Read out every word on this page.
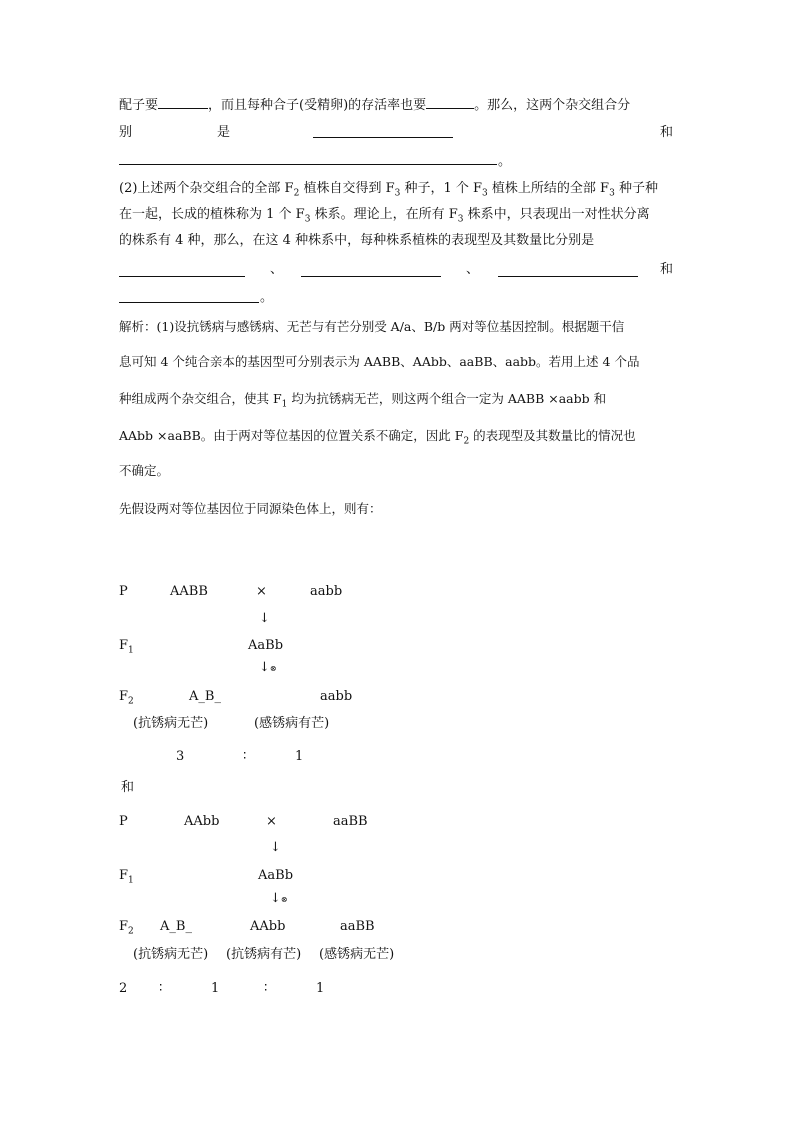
配子要	，而且每种合子(受精卵)的存活率也要	。那么，这两个杂交组合分
别	是	和
。
(2)上述两个杂交组合的全部 $F_2$ 植株自交得到 $F_3$ 种子，1 个 $F_3$ 植株上所结的全部 $F_3$ 种子种
在一起，长成的植株称为 1 个 $F_3$ 株系。理论上，在所有 $F_3$ 株系中，只表现出一对性状分离
的株系有 4 种，那么，在这 4 种株系中，每种株系植株的表现型及其数量比分别是
、	、	和
。
解析：(1)设抗锈病与感锈病、无芒与有芒分别受 A/a、B/b 两对等位基因控制。根据题干信
息可知 4 个纯合亲本的基因型可分别表示为 AABB、AAbb、aaBB、aabb。若用上述 4 个品
种组成两个杂交组合，使其 $F_1$ 均为抗锈病无芒，则这两个组合一定为 AABB ×aabb 和
AAbb ×aaBB。由于两对等位基因的位置关系不确定，因此 $F_2$ 的表现型及其数量比的情况也
不确定。
先假设两对等位基因位于同源染色体上，则有：
P	AABB	×	aabb
↓
$F_1$	AaBb
↓⊗
$F_2$	A_B_	aabb
(抗锈病无芒)	(感锈病有芒)
3	∶	1
和
P	AAbb	×	aaBB
↓
$F_1$	AaBb
↓⊗
$F_2$ A_B_	AAbb	aaBB
(抗锈病无芒) (抗锈病有芒) (感锈病无芒)
2 ∶	1	∶	1
